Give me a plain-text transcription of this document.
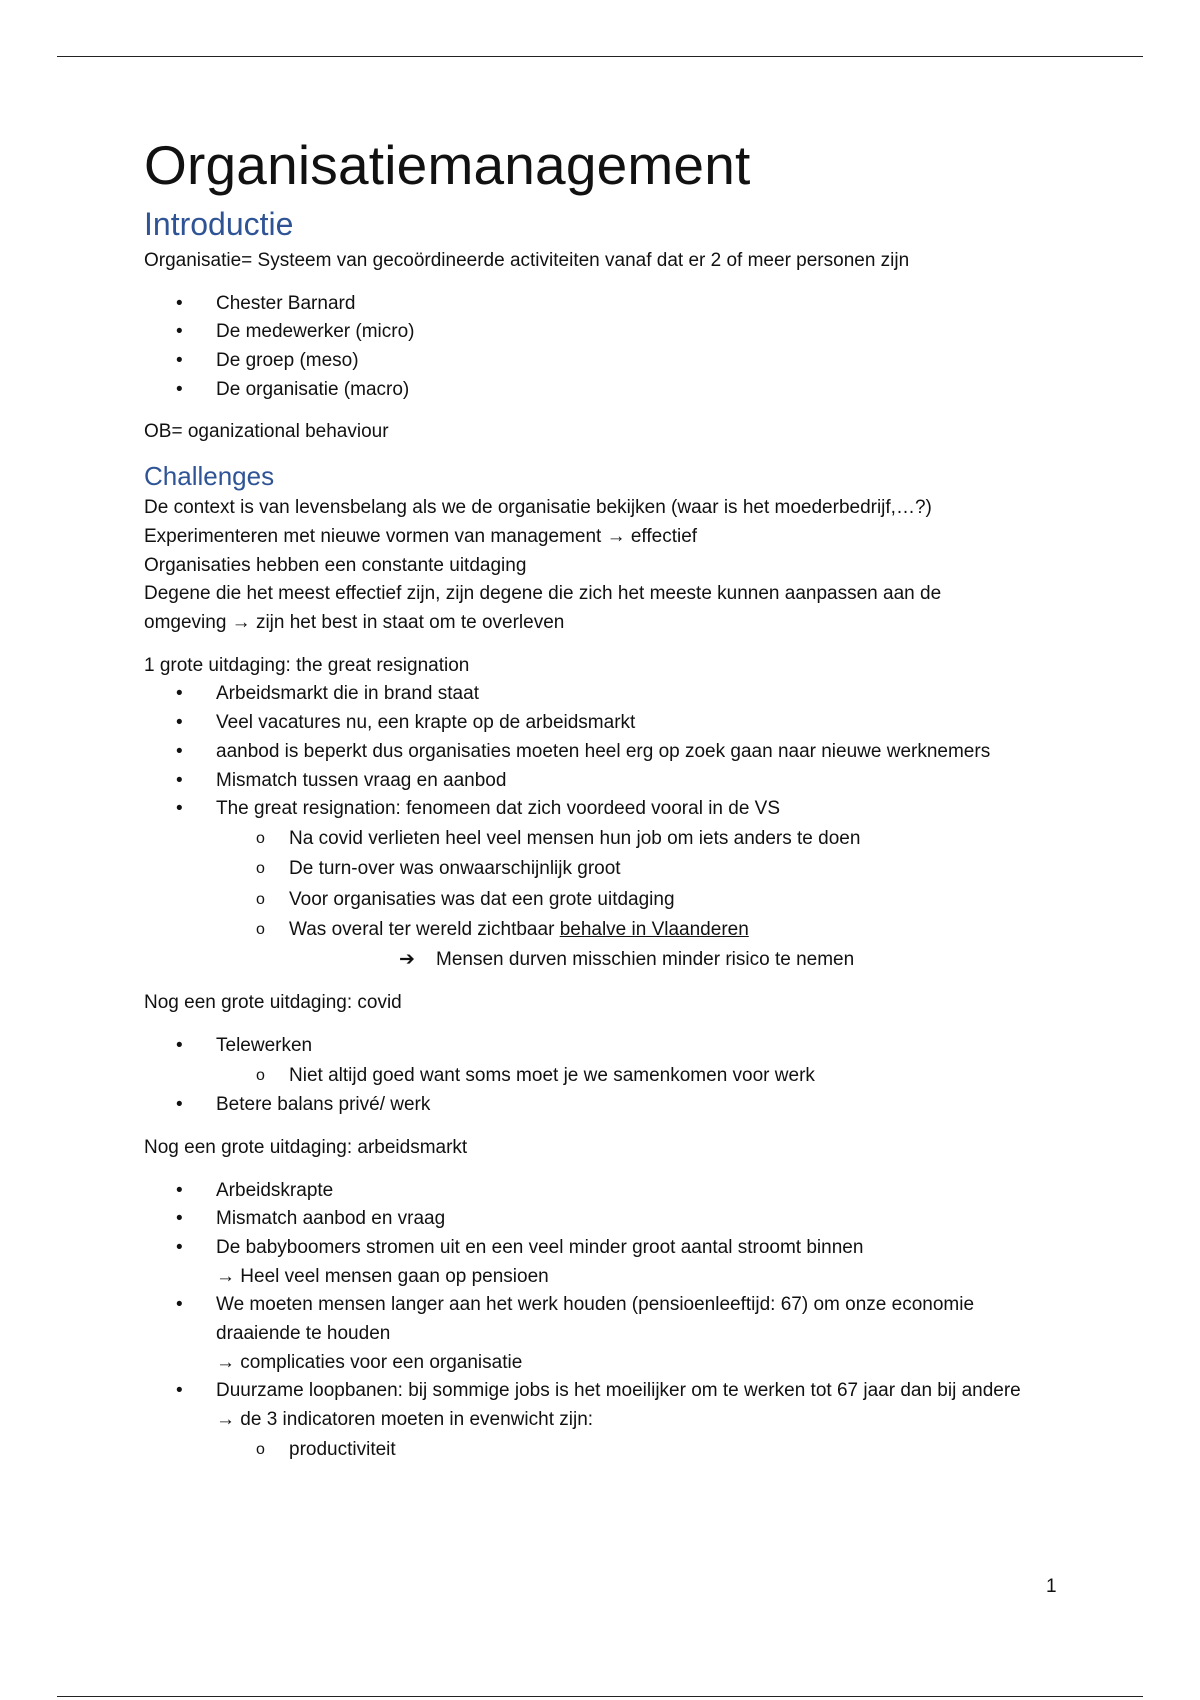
Organisatiemanagement
Introductie

Organisatie= Systeem van gecoördineerde activiteiten vanaf dat er 2 of meer personen zijn

• Chester Barnard
• De medewerker (micro)
• De groep (meso)
• De organisatie (macro)

OB= oganizational behaviour

Challenges

De context is van levensbelang als we de organisatie bekijken (waar is het moederbedrijf,…?)

Experimenteren met nieuwe vormen van management → effectief

Organisaties hebben een constante uitdaging

Degene die het meest effectief zijn, zijn degene die zich het meeste kunnen aanpassen aan de omgeving → zijn het best in staat om te overleven

1 grote uitdaging: the great resignation

• Arbeidsmarkt die in brand staat
• Veel vacatures nu, een krapte op de arbeidsmarkt
• aanbod is beperkt dus organisaties moeten heel erg op zoek gaan naar nieuwe werknemers
• Mismatch tussen vraag en aanbod
• The great resignation: fenomeen dat zich voordeed vooral in de VS
o Na covid verlieten heel veel mensen hun job om iets anders te doen
o De turn-over was onwaarschijnlijk groot
o Voor organisaties was dat een grote uitdaging
o Was overal ter wereld zichtbaar behalve in Vlaanderen
➔ Mensen durven misschien minder risico te nemen

Nog een grote uitdaging: covid

• Telewerken
o Niet altijd goed want soms moet je we samenkomen voor werk
• Betere balans privé/ werk

Nog een grote uitdaging: arbeidsmarkt

• Arbeidskrapte
• Mismatch aanbod en vraag
• De babyboomers stromen uit en een veel minder groot aantal stroomt binnen
→ Heel veel mensen gaan op pensioen
• We moeten mensen langer aan het werk houden (pensioenleeftijd: 67) om onze economie draaiende te houden
→ complicaties voor een organisatie
• Duurzame loopbanen: bij sommige jobs is het moeilijker om te werken tot 67 jaar dan bij andere
→ de 3 indicatoren moeten in evenwicht zijn:
o productiviteit
1
